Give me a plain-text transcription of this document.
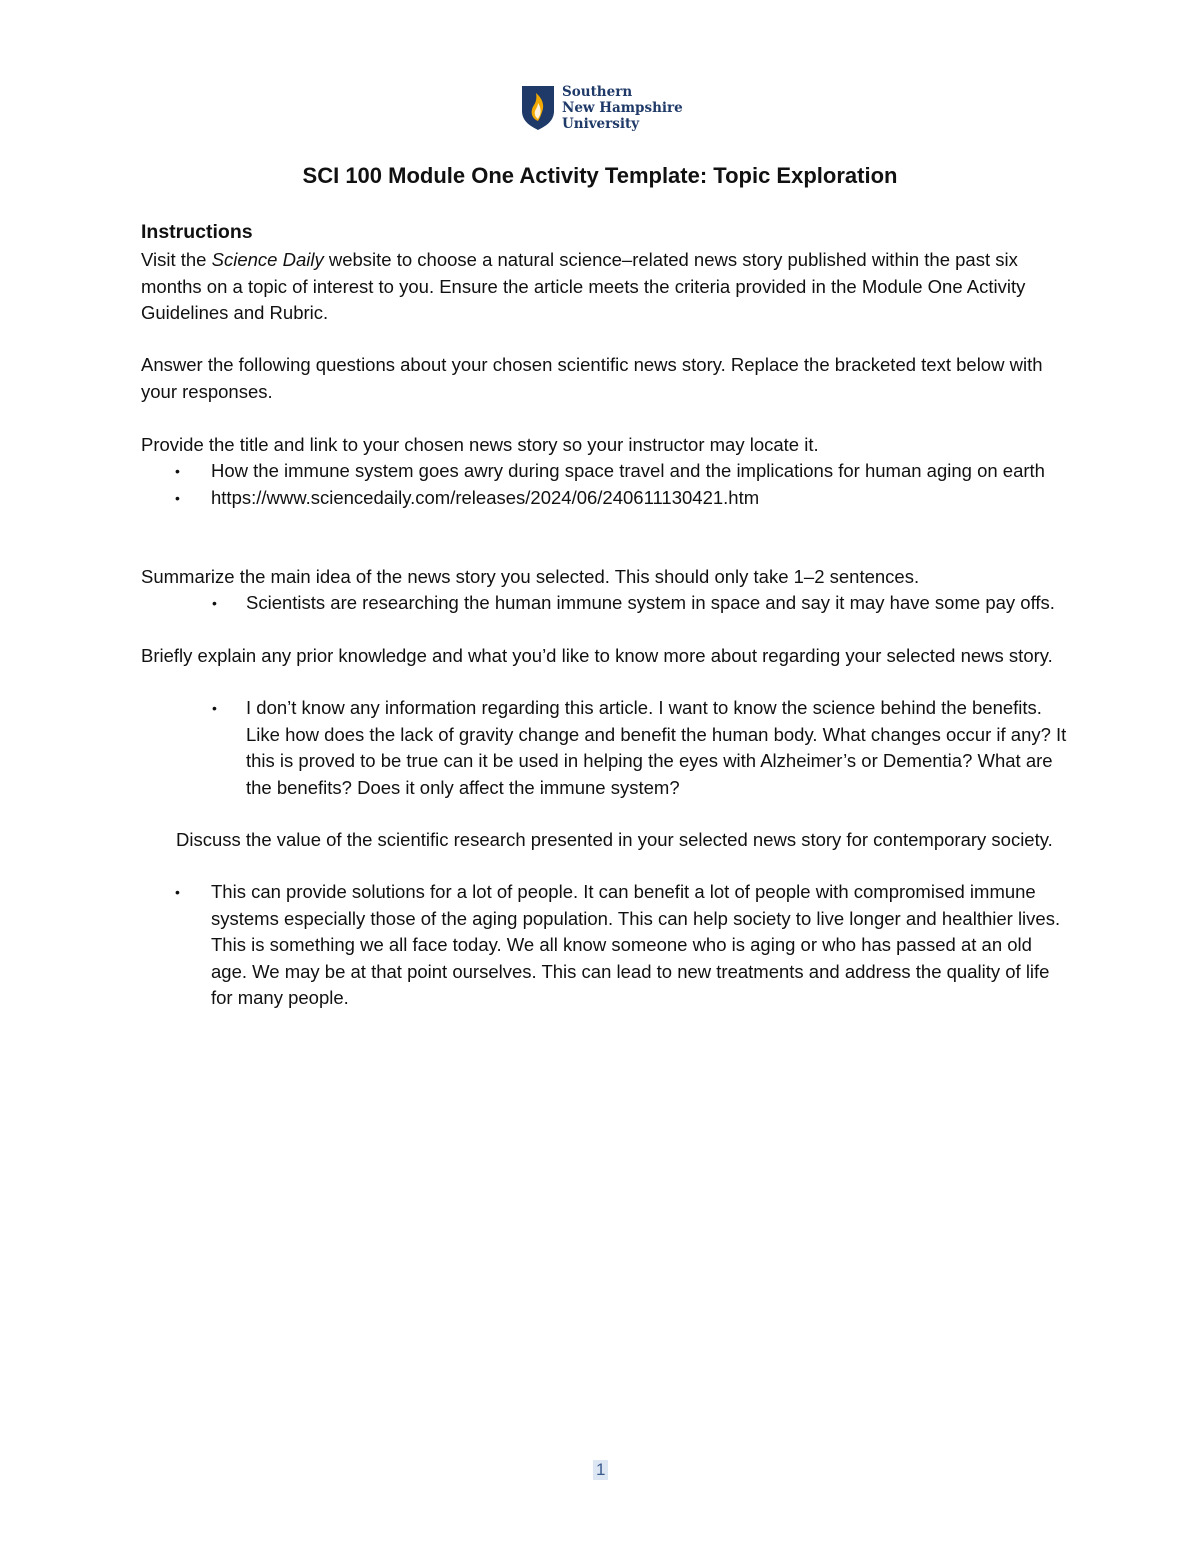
Southern
New Hampshire
University
SCI 100 Module One Activity Template: Topic Exploration
Instructions
Visit the Science Daily website to choose a natural science–related news story published within the past six months on a topic of interest to you. Ensure the article meets the criteria provided in the Module One Activity Guidelines and Rubric.
Answer the following questions about your chosen scientific news story. Replace the bracketed text below with your responses.
Provide the title and link to your chosen news story so your instructor may locate it.
• How the immune system goes awry during space travel and the implications for human aging on earth
• https://www.sciencedaily.com/releases/2024/06/240611130421.htm
Summarize the main idea of the news story you selected. This should only take 1–2 sentences.
• Scientists are researching the human immune system in space and say it may have some pay offs.
Briefly explain any prior knowledge and what you’d like to know more about regarding your selected news story.
• I don’t know any information regarding this article. I want to know the science behind the benefits. Like how does the lack of gravity change and benefit the human body. What changes occur if any? It this is proved to be true can it be used in helping the eyes with Alzheimer’s or Dementia? What are the benefits? Does it only affect the immune system?
Discuss the value of the scientific research presented in your selected news story for contemporary society.
• This can provide solutions for a lot of people. It can benefit a lot of people with compromised immune systems especially those of the aging population. This can help society to live longer and healthier lives. This is something we all face today. We all know someone who is aging or who has passed at an old age. We may be at that point ourselves. This can lead to new treatments and address the quality of life for many people.
1
